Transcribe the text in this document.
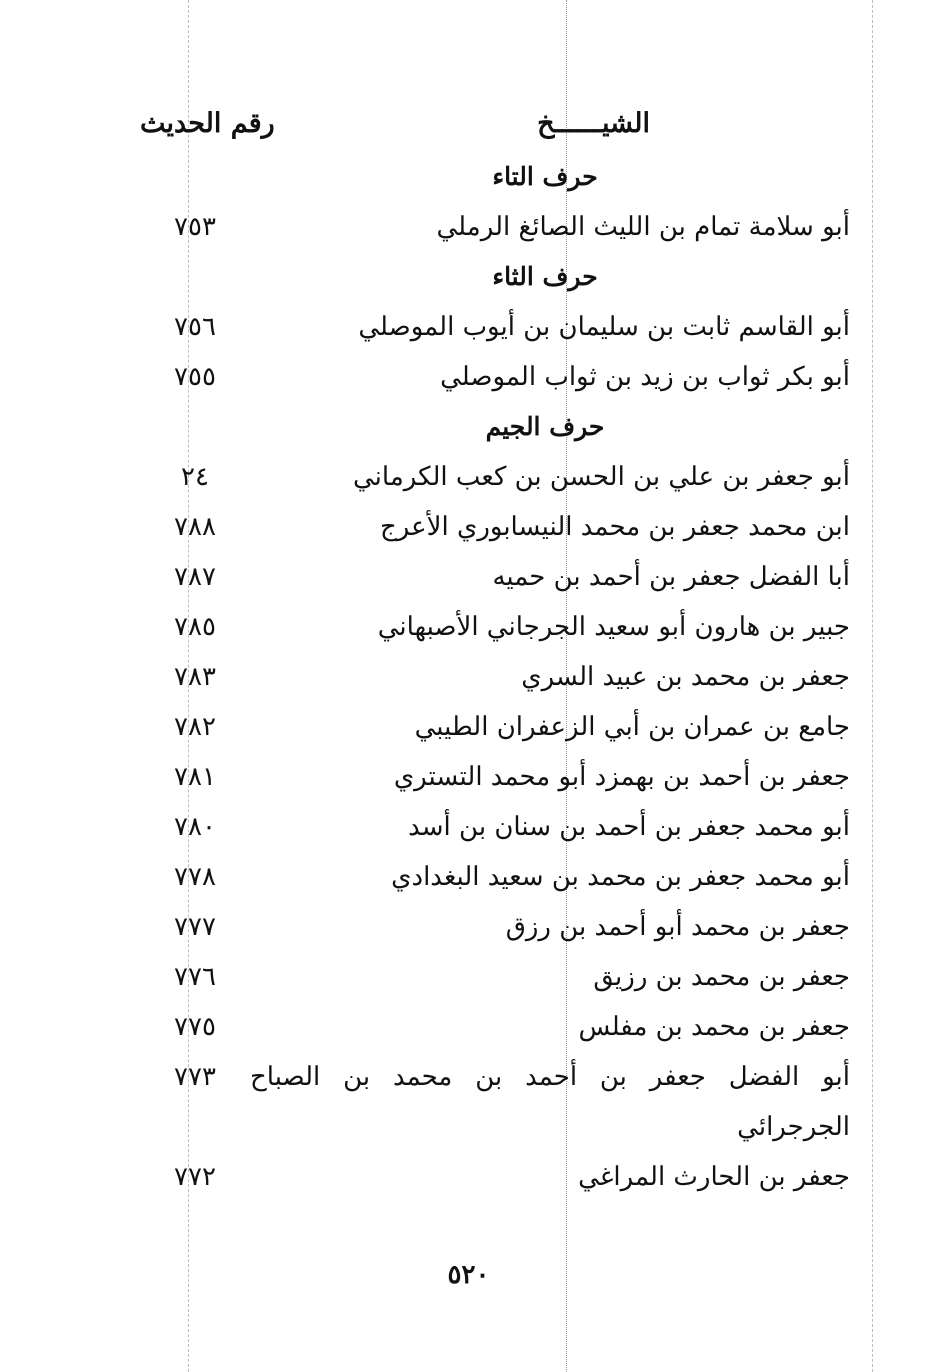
الشيــــــخ
رقم الحديث
حرف التاء
أبو سلامة تمام بن الليث الصائغ الرملي
٧٥٣
حرف الثاء
أبو القاسم ثابت بن سليمان بن أيوب الموصلي
٧٥٦
أبو بكر ثواب بن زيد بن ثواب الموصلي
٧٥٥
حرف الجيم
أبو جعفر بن علي بن الحسن بن كعب الكرماني
٢٤
ابن محمد جعفر بن محمد النيسابوري الأعرج
٧٨٨
أبا الفضل جعفر بن أحمد بن حميه
٧٨٧
جبير بن هارون أبو سعيد الجرجاني الأصبهاني
٧٨٥
جعفر بن محمد بن عبيد السري
٧٨٣
جامع بن عمران بن أبي الزعفران الطيبي
٧٨٢
جعفر بن أحمد بن بهمزد أبو محمد التستري
٧٨١
أبو محمد جعفر بن أحمد بن سنان بن أسد
٧٨٠
أبو محمد جعفر بن محمد بن سعيد البغدادي
٧٧٨
جعفر بن محمد أبو أحمد بن رزق
٧٧٧
جعفر بن محمد بن رزيق
٧٧٦
جعفر بن محمد بن مفلس
٧٧٥
أبو الفضل جعفر بن أحمد بن محمد بن الصباح الجرجرائي
٧٧٣
جعفر بن الحارث المراغي
٧٧٢
٥٢٠
